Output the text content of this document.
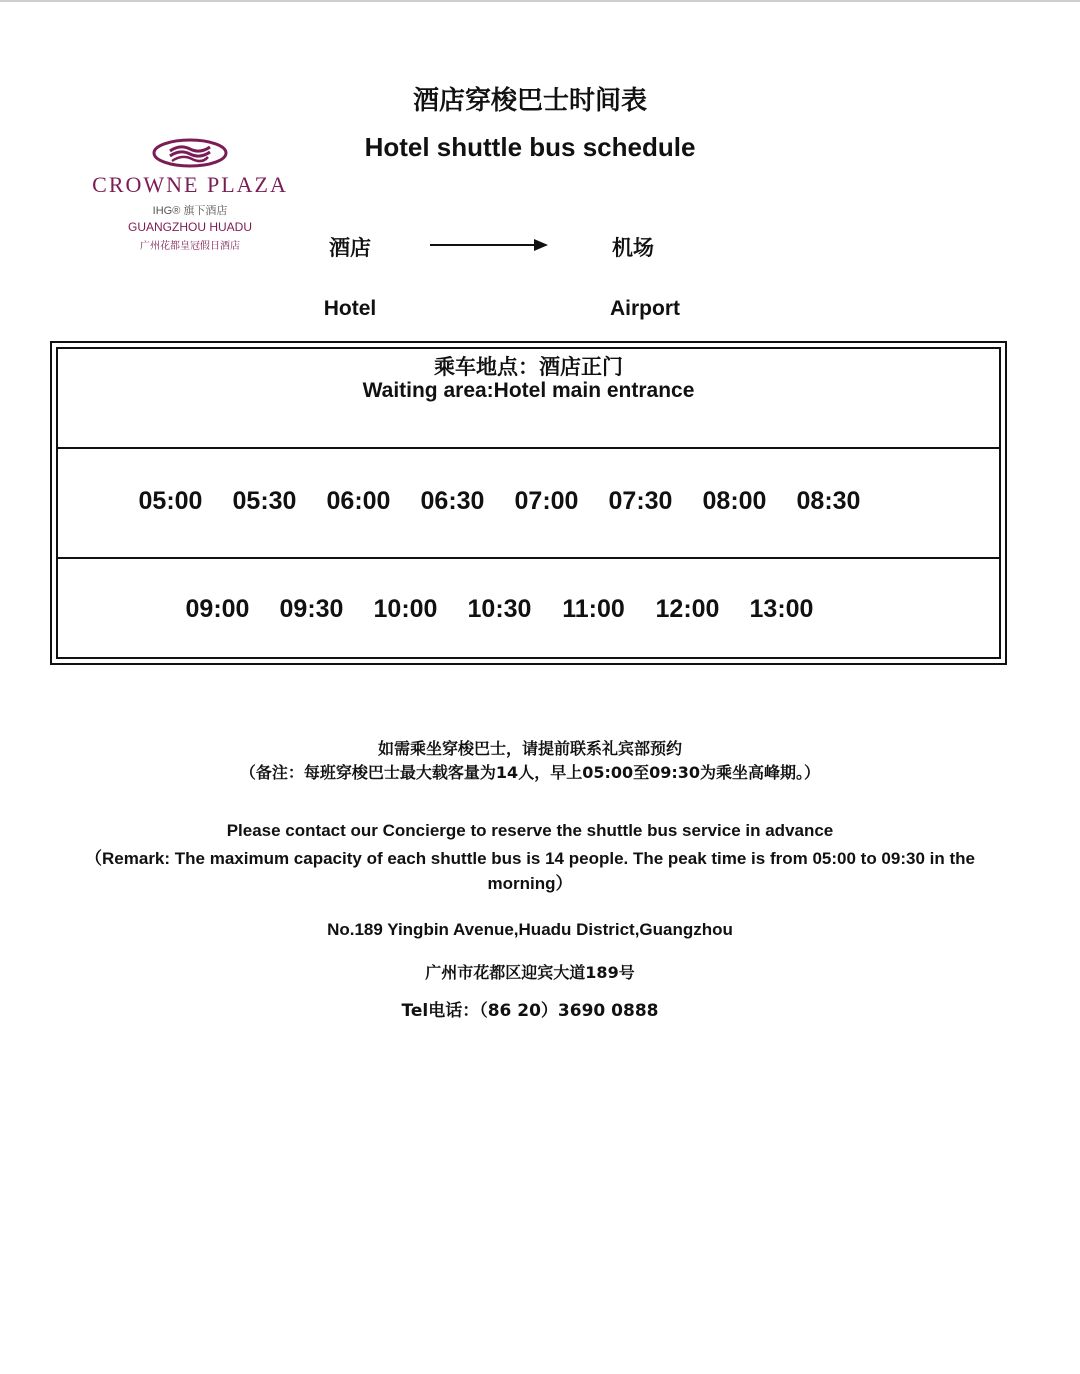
CROWNE PLAZA
IHG® 旗下酒店
GUANGZHOU HUADU
广州花都皇冠假日酒店
酒店穿梭巴士时间表
Hotel shuttle bus schedule
酒店	机场
Hotel	Airport
乘车地点：酒店正门
Waiting area:Hotel main entrance
05:00	05:30	06:00	06:30	07:00	07:30	08:00	08:30
09:00	09:30	10:00	10:30	11:00	12:00	13:00
如需乘坐穿梭巴士，请提前联系礼宾部预约
（备注：每班穿梭巴士最大载客量为14人，早上05:00至09:30为乘坐高峰期。）
Please contact our Concierge to reserve the shuttle bus service in advance
（Remark: The maximum capacity of each shuttle bus is 14 people. The peak time is from 05:00 to 09:30 in the morning）
No.189 Yingbin Avenue,Huadu District,Guangzhou
广州市花都区迎宾大道189号
Tel电话：（86 20）3690 0888
